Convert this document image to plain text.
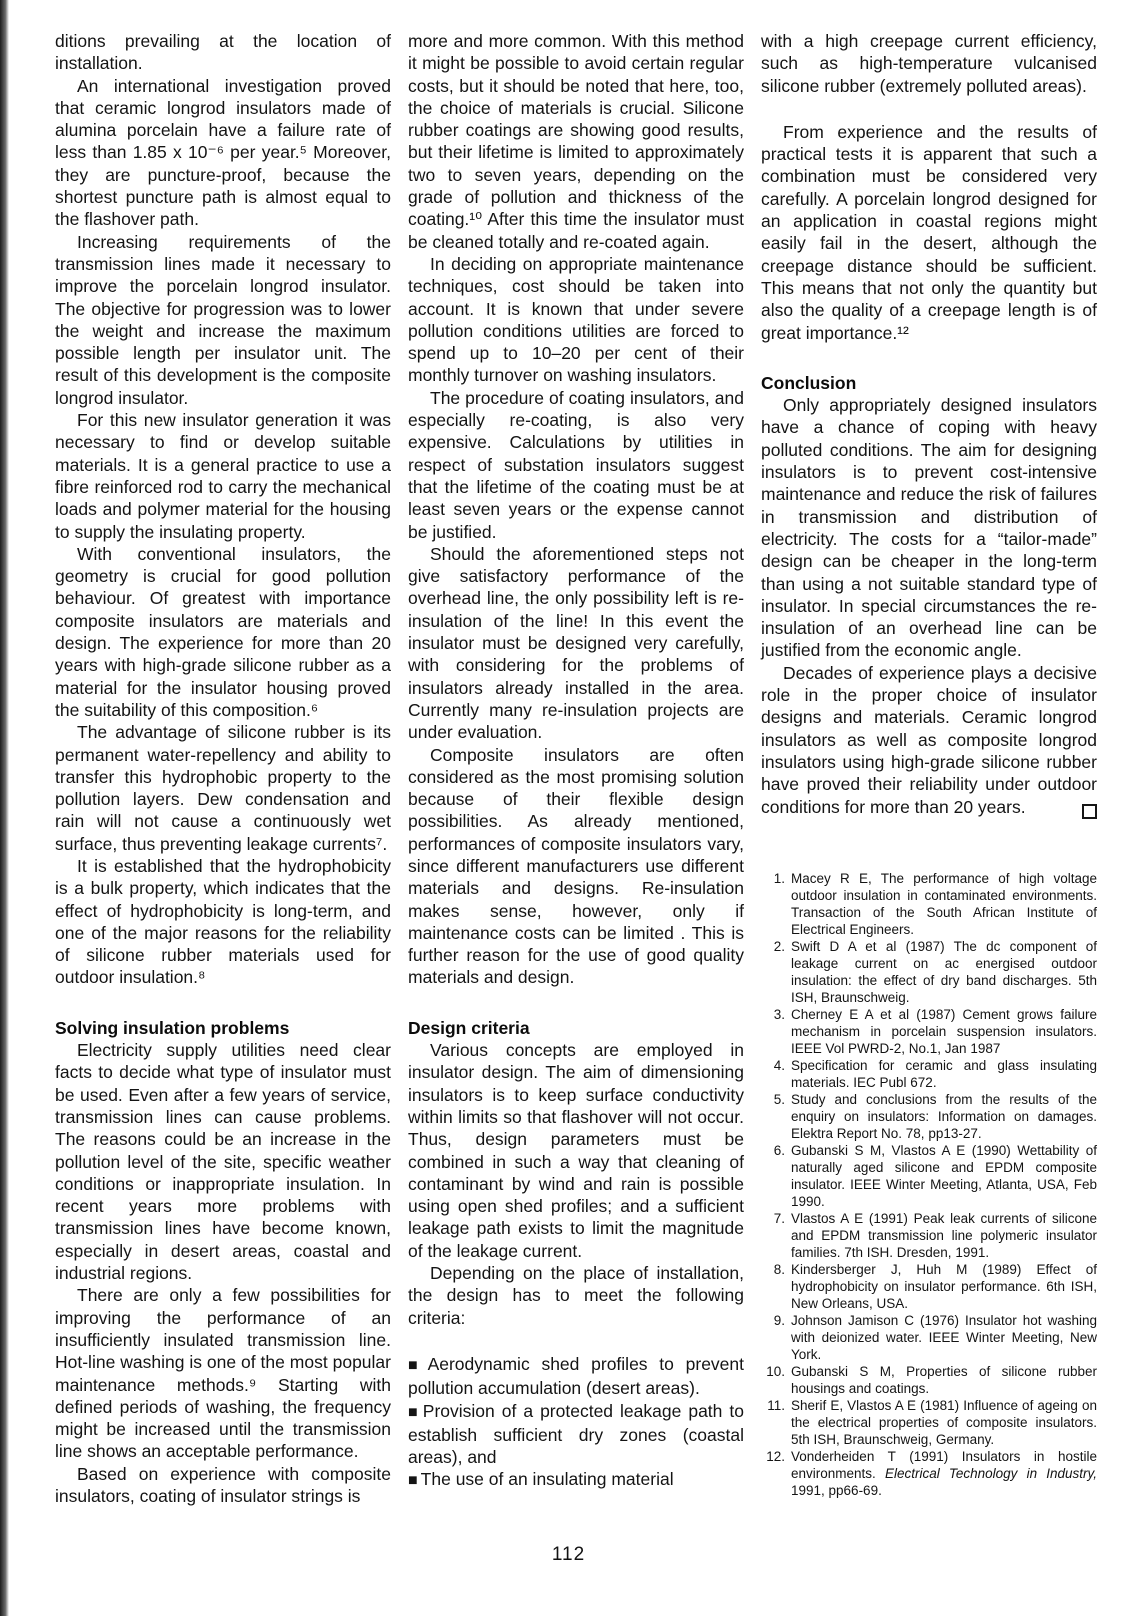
ditions prevailing at the location of installation.
An international investigation proved that ceramic longrod insulators made of alumina porcelain have a failure rate of less than 1.85 x 10⁻⁶ per year.⁵ Moreover, they are puncture-proof, because the shortest puncture path is almost equal to the flashover path.
Increasing requirements of the transmission lines made it necessary to improve the porcelain longrod insulator. The objective for progression was to lower the weight and increase the maximum possible length per insulator unit. The result of this development is the composite longrod insulator.
For this new insulator generation it was necessary to find or develop suitable materials. It is a general practice to use a fibre reinforced rod to carry the mechanical loads and polymer material for the housing to supply the insulating property.
With conventional insulators, the geometry is crucial for good pollution behaviour. Of greatest with importance composite insulators are materials and design. The experience for more than 20 years with high-grade silicone rubber as a material for the insulator housing proved the suitability of this composition.⁶
The advantage of silicone rubber is its permanent water-repellency and ability to transfer this hydrophobic property to the pollution layers. Dew condensation and rain will not cause a continuously wet surface, thus preventing leakage currents⁷.
It is established that the hydrophobicity is a bulk property, which indicates that the effect of hydrophobicity is long-term, and one of the major reasons for the reliability of silicone rubber materials used for outdoor insulation.⁸
Solving insulation problems
Electricity supply utilities need clear facts to decide what type of insulator must be used. Even after a few years of service, transmission lines can cause problems. The reasons could be an increase in the pollution level of the site, specific weather conditions or inappropriate insulation. In recent years more problems with transmission lines have become known, especially in desert areas, coastal and industrial regions.
There are only a few possibilities for improving the performance of an insufficiently insulated transmission line. Hot-line washing is one of the most popular maintenance methods.⁹ Starting with defined periods of washing, the frequency might be increased until the transmission line shows an acceptable performance.
Based on experience with composite insulators, coating of insulator strings is
more and more common. With this method it might be possible to avoid certain regular costs, but it should be noted that here, too, the choice of materials is crucial. Silicone rubber coatings are showing good results, but their lifetime is limited to approximately two to seven years, depending on the grade of pollution and thickness of the coating.¹⁰ After this time the insulator must be cleaned totally and re-coated again.
In deciding on appropriate maintenance techniques, cost should be taken into account. It is known that under severe pollution conditions utilities are forced to spend up to 10–20 per cent of their monthly turnover on washing insulators.
The procedure of coating insulators, and especially re-coating, is also very expensive. Calculations by utilities in respect of substation insulators suggest that the lifetime of the coating must be at least seven years or the expense cannot be justified.
Should the aforementioned steps not give satisfactory performance of the overhead line, the only possibility left is re-insulation of the line! In this event the insulator must be designed very carefully, with considering for the problems of insulators already installed in the area. Currently many re-insulation projects are under evaluation.
Composite insulators are often considered as the most promising solution because of their flexible design possibilities. As already mentioned, performances of composite insulators vary, since different manufacturers use different materials and designs. Re-insulation makes sense, however, only if maintenance costs can be limited . This is further reason for the use of good quality materials and design.
Design criteria
Various concepts are employed in insulator design. The aim of dimensioning insulators is to keep surface conductivity within limits so that flashover will not occur. Thus, design parameters must be combined in such a way that cleaning of contaminant by wind and rain is possible using open shed profiles; and a sufficient leakage path exists to limit the magnitude of the leakage current.
Depending on the place of installation, the design has to meet the following criteria:
■ Aerodynamic shed profiles to prevent pollution accumulation (desert areas).
■ Provision of a protected leakage path to establish sufficient dry zones (coastal areas), and
■ The use of an insulating material
with a high creepage current efficiency, such as high-temperature vulcanised silicone rubber (extremely polluted areas).
From experience and the results of practical tests it is apparent that such a combination must be considered very carefully. A porcelain longrod designed for an application in coastal regions might easily fail in the desert, although the creepage distance should be sufficient. This means that not only the quantity but also the quality of a creepage length is of great importance.¹²
Conclusion
Only appropriately designed insulators have a chance of coping with heavy polluted conditions. The aim for designing insulators is to prevent cost-intensive maintenance and reduce the risk of failures in transmission and distribution of electricity. The costs for a “tailor-made” design can be cheaper in the long-term than using a not suitable standard type of insulator. In special circumstances the re-insulation of an overhead line can be justified from the economic angle.
Decades of experience plays a decisive role in the proper choice of insulator designs and materials. Ceramic longrod insulators as well as composite longrod insulators using high-grade silicone rubber have proved their reliability under outdoor conditions for more than 20 years.
1. Macey R E, The performance of high voltage outdoor insulation in contaminated environments. Transaction of the South African Institute of Electrical Engineers.
2. Swift D A et al (1987) The dc component of leakage current on ac energised outdoor insulation: the effect of dry band discharges. 5th ISH, Braunschweig.
3. Cherney E A et al (1987) Cement grows failure mechanism in porcelain suspension insulators. IEEE Vol PWRD-2, No.1, Jan 1987
4. Specification for ceramic and glass insulating materials. IEC Publ 672.
5. Study and conclusions from the results of the enquiry on insulators: Information on damages. Elektra Report No. 78, pp13-27.
6. Gubanski S M, Vlastos A E (1990) Wettability of naturally aged silicone and EPDM composite insulator. IEEE Winter Meeting, Atlanta, USA, Feb 1990.
7. Vlastos A E (1991) Peak leak currents of silicone and EPDM transmission line polymeric insulator families. 7th ISH. Dresden, 1991.
8. Kindersberger J, Huh M (1989) Effect of hydrophobicity on insulator performance. 6th ISH, New Orleans, USA.
9. Johnson Jamison C (1976) Insulator hot washing with deionized water. IEEE Winter Meeting, New York.
10. Gubanski S M, Properties of silicone rubber housings and coatings.
11. Sherif E, Vlastos A E (1981) Influence of ageing on the electrical properties of composite insulators. 5th ISH, Braunschweig, Germany.
12. Vonderheiden T (1991) Insulators in hostile environments. Electrical Technology in Industry, 1991, pp66-69.
112
